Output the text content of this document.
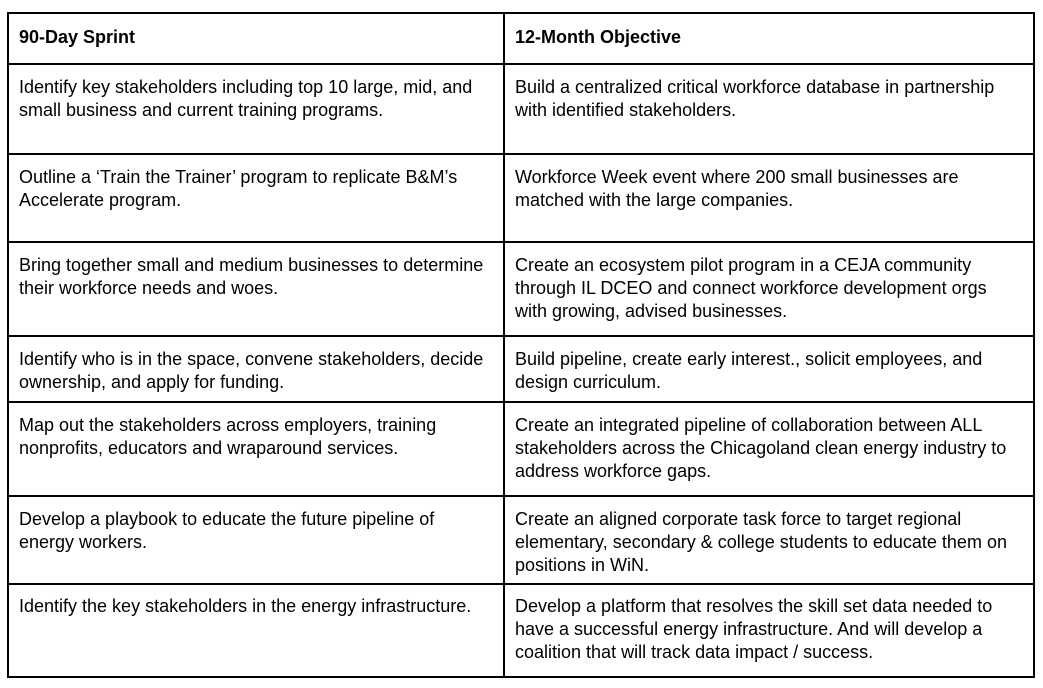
90-Day Sprint	12-Month Objective
Identify key stakeholders including top 10 large, mid, and small business and current training programs.	Build a centralized critical workforce database in partnership with identified stakeholders.
Outline a ‘Train the Trainer’ program to replicate B&M’s Accelerate program.	Workforce Week event where 200 small businesses are matched with the large companies.
Bring together small and medium businesses to determine their workforce needs and woes.	Create an ecosystem pilot program in a CEJA community through IL DCEO and connect workforce development orgs with growing, advised businesses.
Identify who is in the space, convene stakeholders, decide ownership, and apply for funding.	Build pipeline, create early interest., solicit employees, and design curriculum.
Map out the stakeholders across employers, training nonprofits, educators and wraparound services.	Create an integrated pipeline of collaboration between ALL stakeholders across the Chicagoland clean energy industry to address workforce gaps.
Develop a playbook to educate the future pipeline of energy workers.	Create an aligned corporate task force to target regional elementary, secondary & college students to educate them on positions in WiN.
Identify the key stakeholders in the energy infrastructure.	Develop a platform that resolves the skill set data needed to have a successful energy infrastructure. And will develop a coalition that will track data impact / success.
